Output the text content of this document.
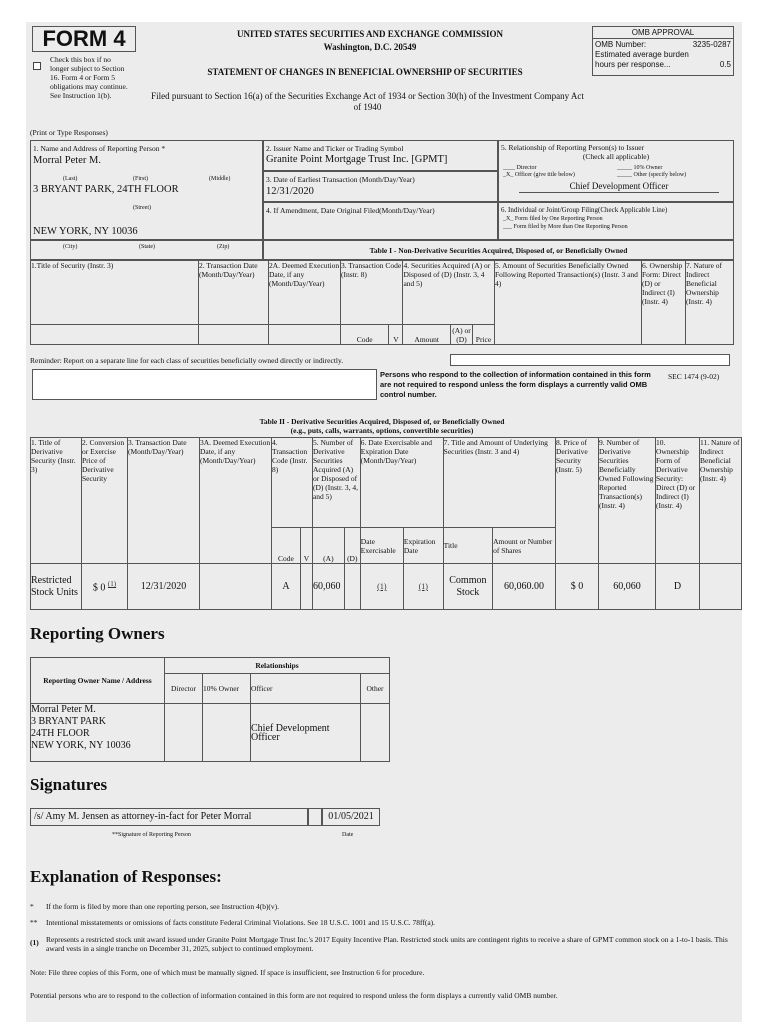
FORM 4
Check this box if no longer subject to Section 16. Form 4 or Form 5 obligations may continue. See Instruction 1(b).
UNITED STATES SECURITIES AND EXCHANGE COMMISSION
Washington, D.C. 20549
STATEMENT OF CHANGES IN BENEFICIAL OWNERSHIP OF SECURITIES
Filed pursuant to Section 16(a) of the Securities Exchange Act of 1934 or Section 30(h) of the Investment Company Act of 1940
OMB APPROVAL
OMB Number:	3235-0287

Estimated average burden
hours per response...	0.5
(Print or Type Responses)
1. Name and Address of Reporting Person *
Morral Peter M.
(Last)	(First)	(Middle)
3 BRYANT PARK, 24TH FLOOR
(Street)
NEW YORK, NY 10036
(City)	(State)	(Zip)
2. Issuer Name and Ticker or Trading Symbol
Granite Point Mortgage Trust Inc. [GPMT]
3. Date of Earliest Transaction (Month/Day/Year)
12/31/2020
4. If Amendment, Date Original Filed(Month/Day/Year)
5. Relationship of Reporting Person(s) to Issuer
(Check all applicable)
____ Director	_____ 10% Owner
_X_ Officer (give title below)	_____ Other (specify below)
Chief Development Officer
6. Individual or Joint/Group Filing(Check Applicable Line)
_X_ Form filed by One Reporting Person
___ Form filed by More than One Reporting Person
Table I - Non-Derivative Securities Acquired, Disposed of, or Beneficially Owned
1.Title of Security (Instr. 3)	2. Transaction Date (Month/Day/Year)	2A. Deemed Execution Date, if any (Month/Day/Year)	3. Transaction Code (Instr. 8)		4. Securities Acquired (A) or Disposed of (D) (Instr. 3, 4 and 5)			5. Amount of Securities Beneficially Owned Following Reported Transaction(s) (Instr. 3 and 4)	6. Ownership Form: Direct (D) or Indirect (I) (Instr. 4)	7. Nature of Indirect Beneficial Ownership (Instr. 4)
			Code	V	Amount	(A) or (D)	Price			
Reminder: Report on a separate line for each class of securities beneficially owned directly or indirectly.
Persons who respond to the collection of information contained in this form are not required to respond unless the form displays a currently valid OMB control number.
SEC 1474 (9-02)
Table II - Derivative Securities Acquired, Disposed of, or Beneficially Owned
(e.g., puts, calls, warrants, options, convertible securities)
1. Title of Derivative Security (Instr. 3)	2. Conversion or Exercise Price of Derivative Security	3. Transaction Date (Month/Day/Year)	3A. Deemed Execution Date, if any (Month/Day/Year)	4. Transaction Code (Instr. 8)		5. Number of Derivative Securities Acquired (A) or Disposed of (D) (Instr. 3, 4, and 5)		6. Date Exercisable and Expiration Date (Month/Day/Year)		7. Title and Amount of Underlying Securities (Instr. 3 and 4)		8. Price of Derivative Security (Instr. 5)	9. Number of Derivative Securities Beneficially Owned Following Reported Transaction(s) (Instr. 4)	10. Ownership Form of Derivative Security: Direct (D) or Indirect (I) (Instr. 4)	11. Nature of Indirect Beneficial Ownership (Instr. 4)
				Code	V	(A)	(D)	Date Exercisable	Expiration Date	Title	Amount or Number of Shares				
Restricted Stock Units	$ 0 $^{(1)}$	12/31/2020		A		60,060		(1)	(1)	Common Stock	60,060.00	$ 0	60,060	D	
Reporting Owners
Reporting Owner Name / Address	Relationships			
	Director	10% Owner	Officer	Other

Morral Peter M.
3 BRYANT PARK
24TH FLOOR
NEW YORK, NY 10036			Chief Development Officer	
Signatures
/s/ Amy M. Jensen as attorney-in-fact for Peter Morral	01/05/2021
**Signature of Reporting Person	Date
Explanation of Responses:
* If the form is filed by more than one reporting person, see Instruction 4(b)(v).
** Intentional misstatements or omissions of facts constitute Federal Criminal Violations. See 18 U.S.C. 1001 and 15 U.S.C. 78ff(a).
(1) Represents a restricted stock unit award issued under Granite Point Mortgage Trust Inc.'s 2017 Equity Incentive Plan. Restricted stock units are contingent rights to receive a share of GPMT common stock on a 1-to-1 basis. This award vests in a single tranche on December 31, 2025, subject to continued employment.
Note: File three copies of this Form, one of which must be manually signed. If space is insufficient, see Instruction 6 for procedure.
Potential persons who are to respond to the collection of information contained in this form are not required to respond unless the form displays a currently valid OMB number.
